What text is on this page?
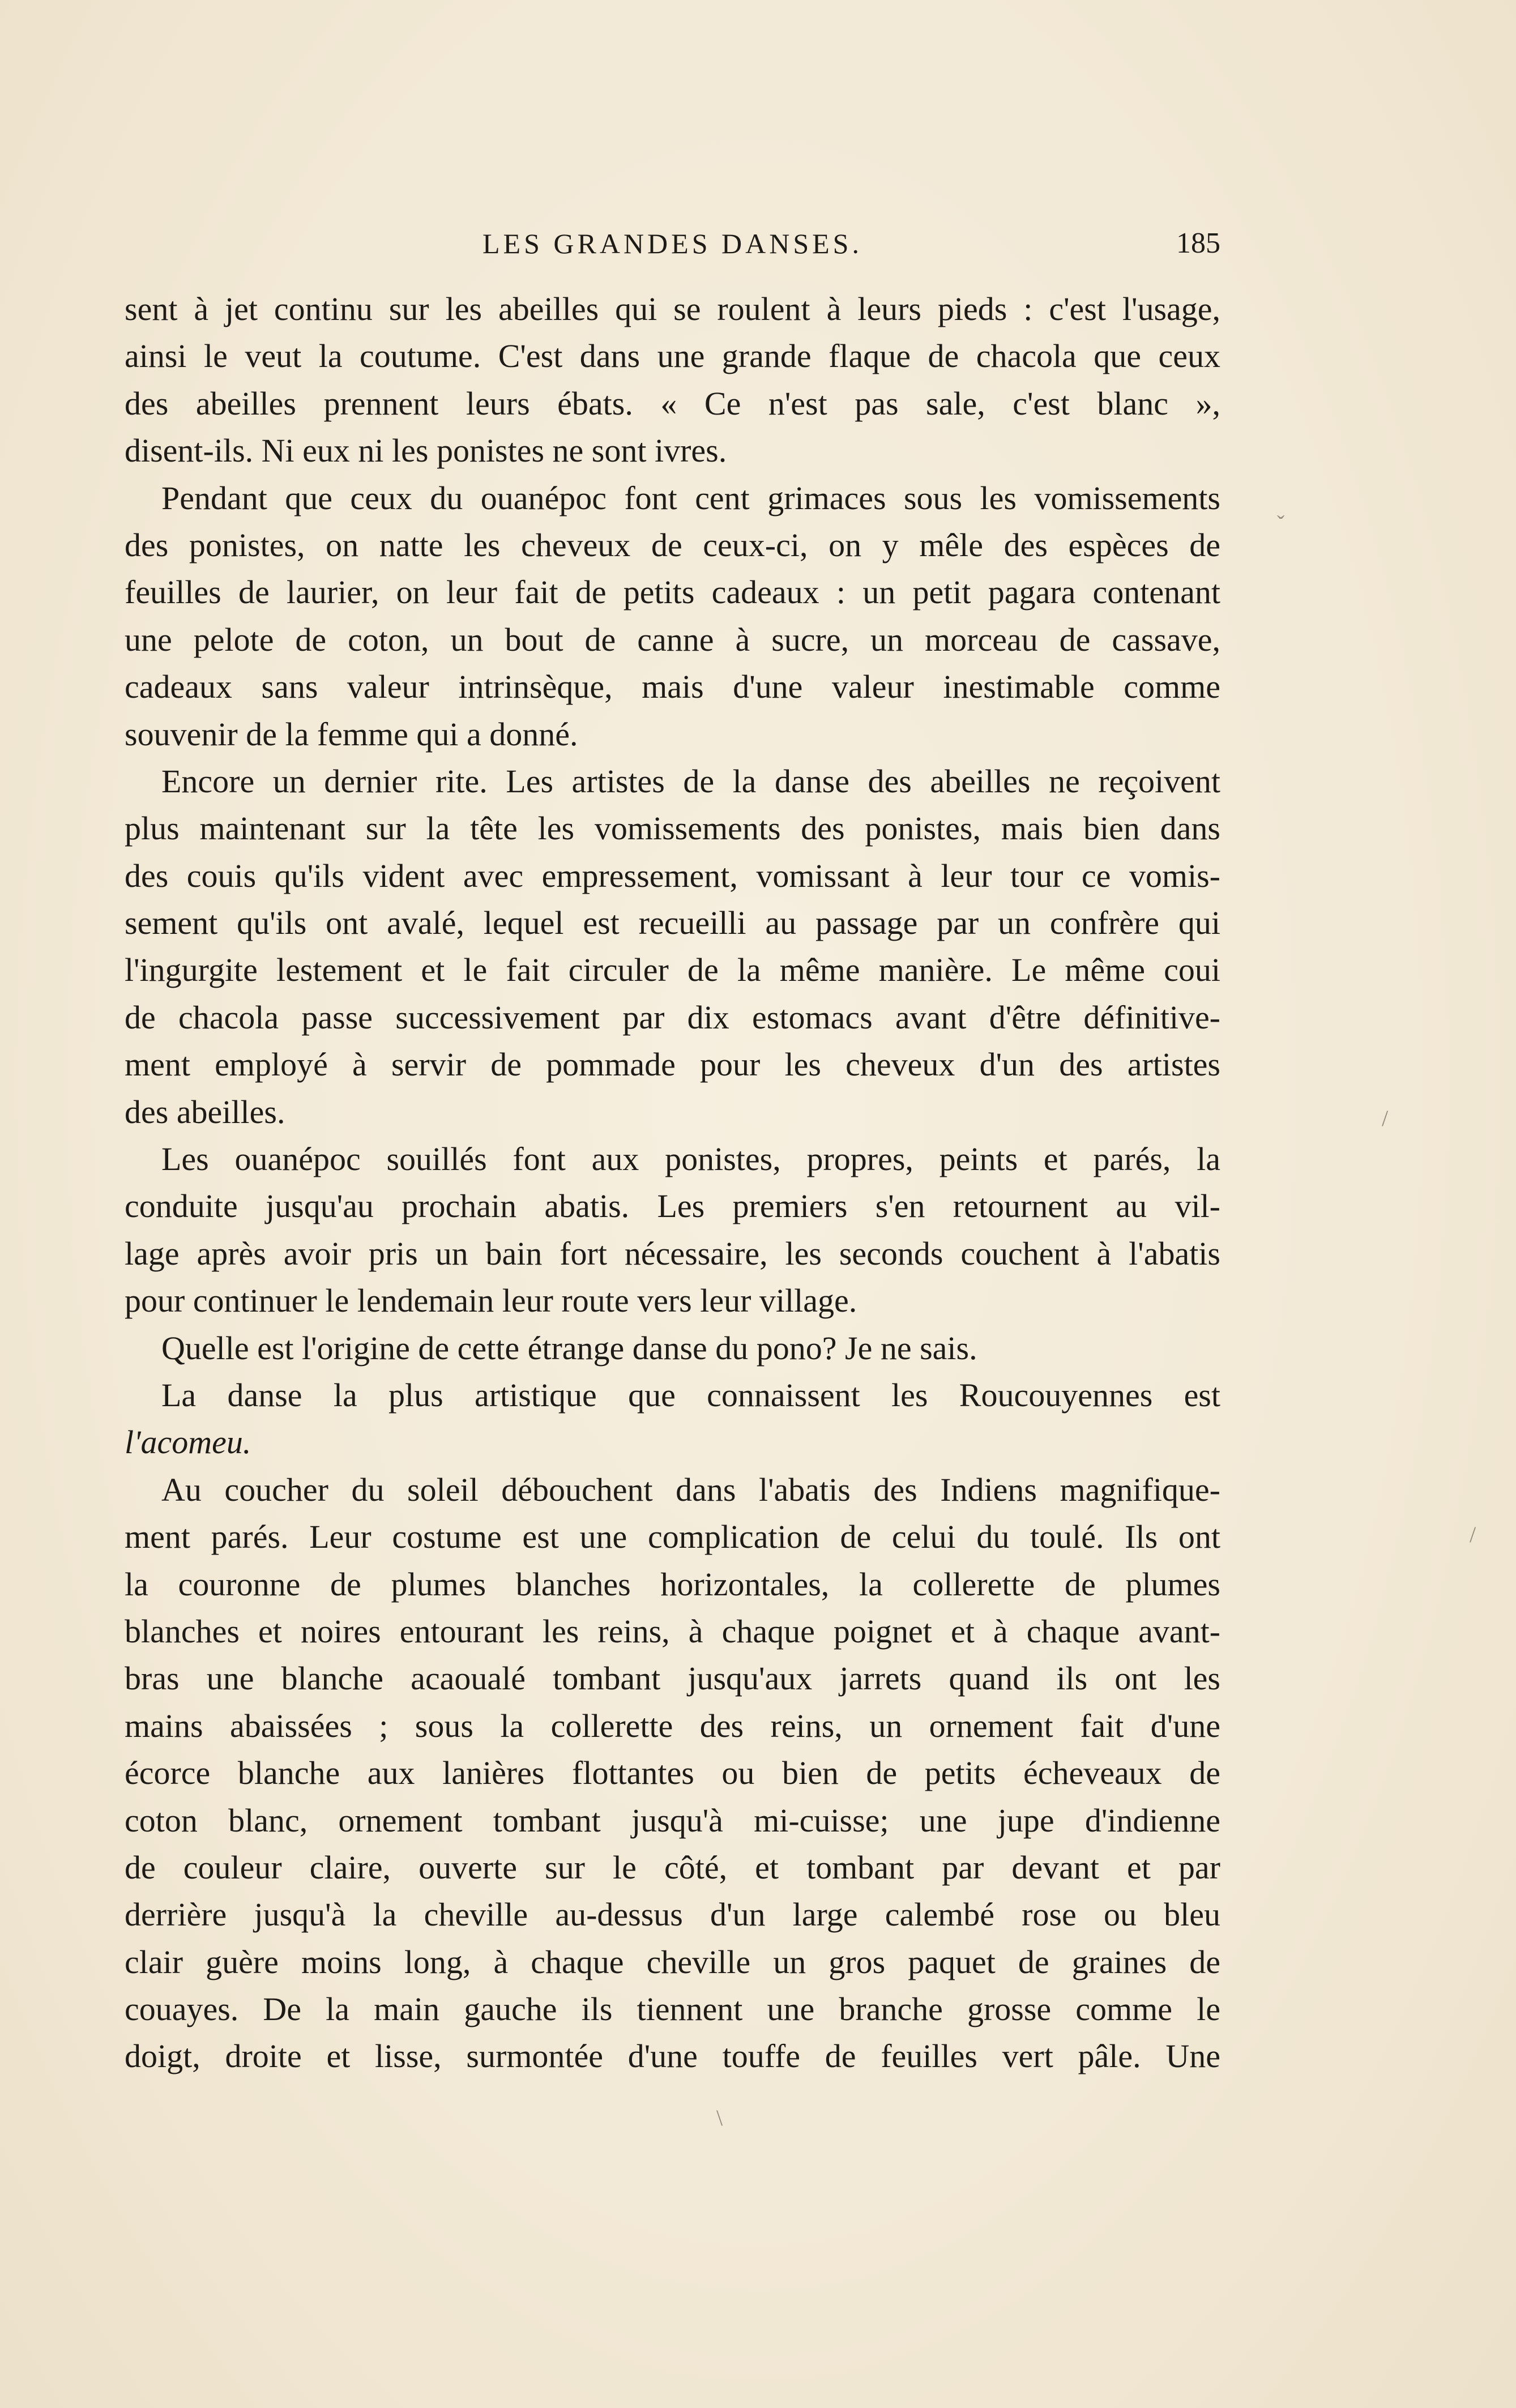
LES GRANDES DANSES.	185
sent à jet continu sur les abeilles qui se roulent à leurs pieds : c'est l'usage,
ainsi le veut la coutume. C'est dans une grande flaque de chacola que ceux
des abeilles prennent leurs ébats. « Ce n'est pas sale, c'est blanc »,
disent-ils. Ni eux ni les ponistes ne sont ivres.
Pendant que ceux du ouanépoc font cent grimaces sous les vomissements
des ponistes, on natte les cheveux de ceux-ci, on y mêle des espèces de
feuilles de laurier, on leur fait de petits cadeaux : un petit pagara contenant
une pelote de coton, un bout de canne à sucre, un morceau de cassave,
cadeaux sans valeur intrinsèque, mais d'une valeur inestimable comme
souvenir de la femme qui a donné.
Encore un dernier rite. Les artistes de la danse des abeilles ne reçoivent
plus maintenant sur la tête les vomissements des ponistes, mais bien dans
des couis qu'ils vident avec empressement, vomissant à leur tour ce vomis-
sement qu'ils ont avalé, lequel est recueilli au passage par un confrère qui
l'ingurgite lestement et le fait circuler de la même manière. Le même coui
de chacola passe successivement par dix estomacs avant d'être définitive-
ment employé à servir de pommade pour les cheveux d'un des artistes
des abeilles.
Les ouanépoc souillés font aux ponistes, propres, peints et parés, la
conduite jusqu'au prochain abatis. Les premiers s'en retournent au vil-
lage après avoir pris un bain fort nécessaire, les seconds couchent à l'abatis
pour continuer le lendemain leur route vers leur village.
Quelle est l'origine de cette étrange danse du pono? Je ne sais.
La danse la plus artistique que connaissent les Roucouyennes est
l'acomeu.
Au coucher du soleil débouchent dans l'abatis des Indiens magnifique-
ment parés. Leur costume est une complication de celui du toulé. Ils ont
la couronne de plumes blanches horizontales, la collerette de plumes
blanches et noires entourant les reins, à chaque poignet et à chaque avant-
bras une blanche acaoualé tombant jusqu'aux jarrets quand ils ont les
mains abaissées ; sous la collerette des reins, un ornement fait d'une
écorce blanche aux lanières flottantes ou bien de petits écheveaux de
coton blanc, ornement tombant jusqu'à mi-cuisse; une jupe d'indienne
de couleur claire, ouverte sur le côté, et tombant par devant et par
derrière jusqu'à la cheville au-dessus d'un large calembé rose ou bleu
clair guère moins long, à chaque cheville un gros paquet de graines de
couayes. De la main gauche ils tiennent une branche grosse comme le
doigt, droite et lisse, surmontée d'une touffe de feuilles vert pâle. Une
ˇ
/
/
\
